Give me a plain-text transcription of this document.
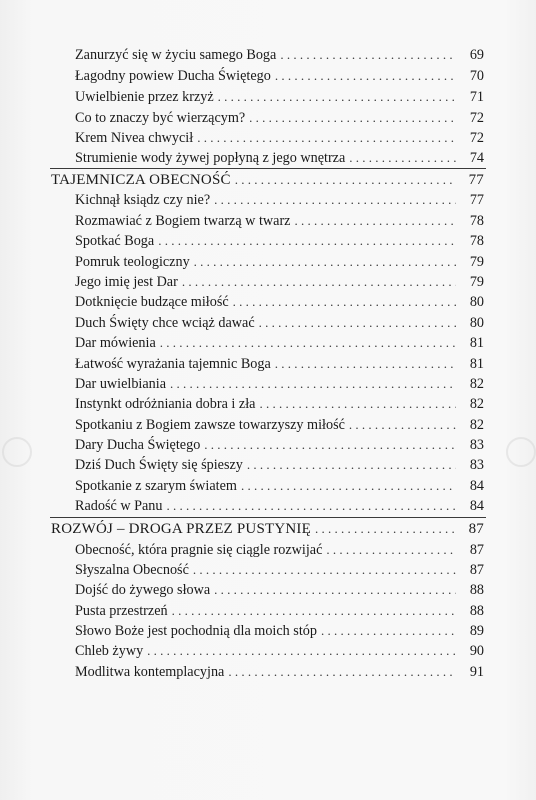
Zanurzyć się w życiu samego Boga . . .	69
Łagodny powiew Ducha Świętego . . .	70
Uwielbienie przez krzyż . . .	71
Co to znaczy być wierzącym? . . .	72
Krem Nivea chwycił . . .	72
Strumienie wody żywej popłyną z jego wnętrza . . .	74
TAJEMNICZA OBECNOŚĆ . . .	77
Kichnął ksiądz czy nie? . . .	77
Rozmawiać z Bogiem twarzą w twarz . . .	78
Spotkać Boga . . .	78
Pomruk teologiczny . . .	79
Jego imię jest Dar . . .	79
Dotknięcie budzące miłość . . .	80
Duch Święty chce wciąż dawać . . .	80
Dar mówienia . . .	81
Łatwość wyrażania tajemnic Boga . . .	81
Dar uwielbiania . . .	82
Instynkt odróżniania dobra i zła . . .	82
Spotkaniu z Bogiem zawsze towarzyszy miłość . . .	82
Dary Ducha Świętego . . .	83
Dziś Duch Święty się śpieszy . . .	83
Spotkanie z szarym światem . . .	84
Radość w Panu . . .	84
ROZWÓJ – DROGA PRZEZ PUSTYNIĘ . . .	87
Obecność, która pragnie się ciągle rozwijać . . .	87
Słyszalna Obecność . . .	87
Dojść do żywego słowa . . .	88
Pusta przestrzeń . . .	88
Słowo Boże jest pochodnią dla moich stóp . . .	89
Chleb żywy . . .	90
Modlitwa kontemplacyjna . . .	91
